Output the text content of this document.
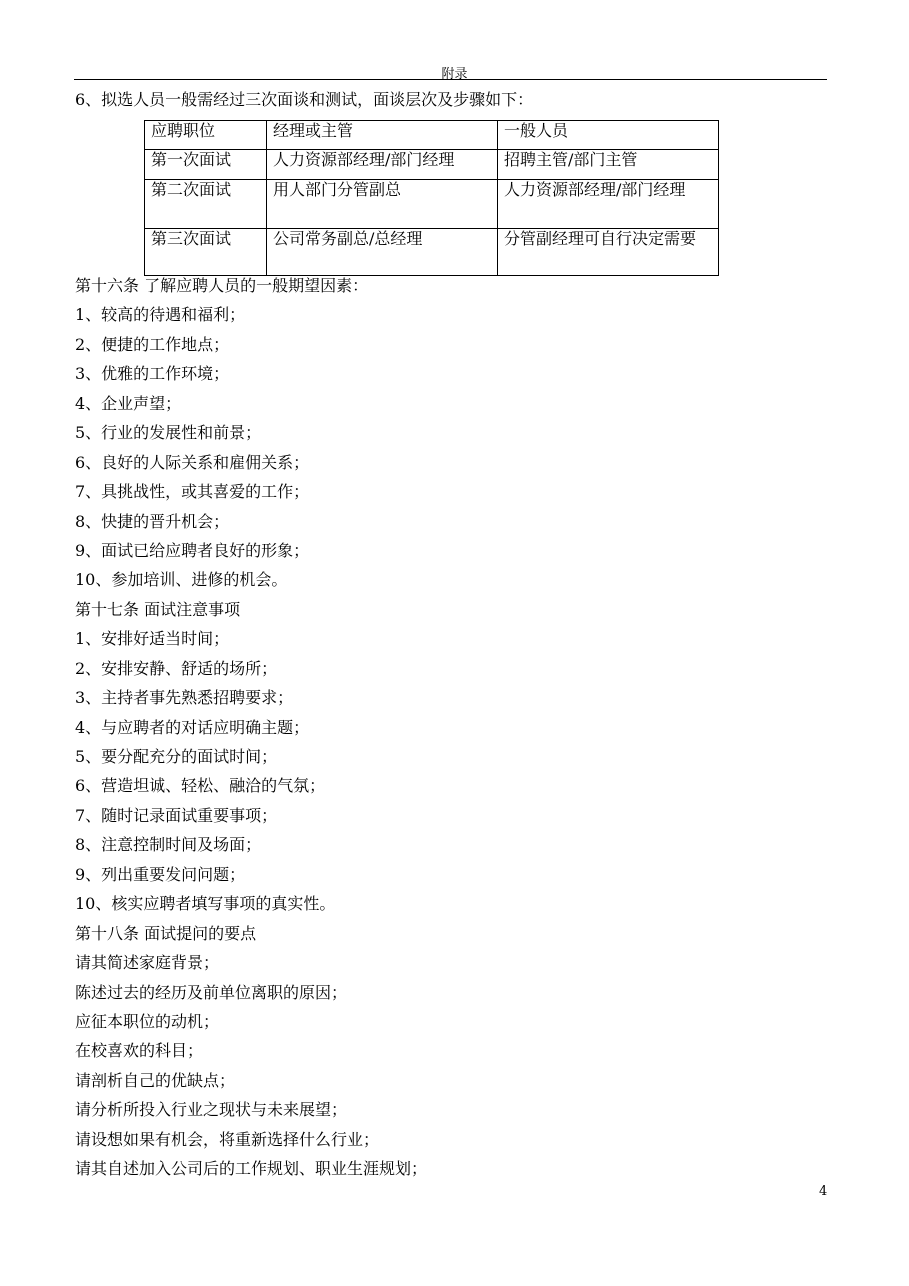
附录
6、拟选人员一般需经过三次面谈和测试，面谈层次及步骤如下：
应聘职位	经理或主管	一般人员
第一次面试	人力资源部经理/部门经理	招聘主管/部门主管
第二次面试	用人部门分管副总	人力资源部经理/部门经理
第三次面试	公司常务副总/总经理	分管副经理可自行决定需要
第十六条 了解应聘人员的一般期望因素：
1、较高的待遇和福利；
2、便捷的工作地点；
3、优雅的工作环境；
4、企业声望；
5、行业的发展性和前景；
6、良好的人际关系和雇佣关系；
7、具挑战性，或其喜爱的工作；
8、快捷的晋升机会；
9、面试已给应聘者良好的形象；
10、参加培训、进修的机会。
第十七条 面试注意事项
1、安排好适当时间；
2、安排安静、舒适的场所；
3、主持者事先熟悉招聘要求；
4、与应聘者的对话应明确主题；
5、要分配充分的面试时间；
6、营造坦诚、轻松、融洽的气氛；
7、随时记录面试重要事项；
8、注意控制时间及场面；
9、列出重要发问问题；
10、核实应聘者填写事项的真实性。
第十八条 面试提问的要点
请其简述家庭背景；
陈述过去的经历及前单位离职的原因；
应征本职位的动机；
在校喜欢的科目；
请剖析自己的优缺点；
请分析所投入行业之现状与未来展望；
请设想如果有机会，将重新选择什么行业；
请其自述加入公司后的工作规划、职业生涯规划；
4
